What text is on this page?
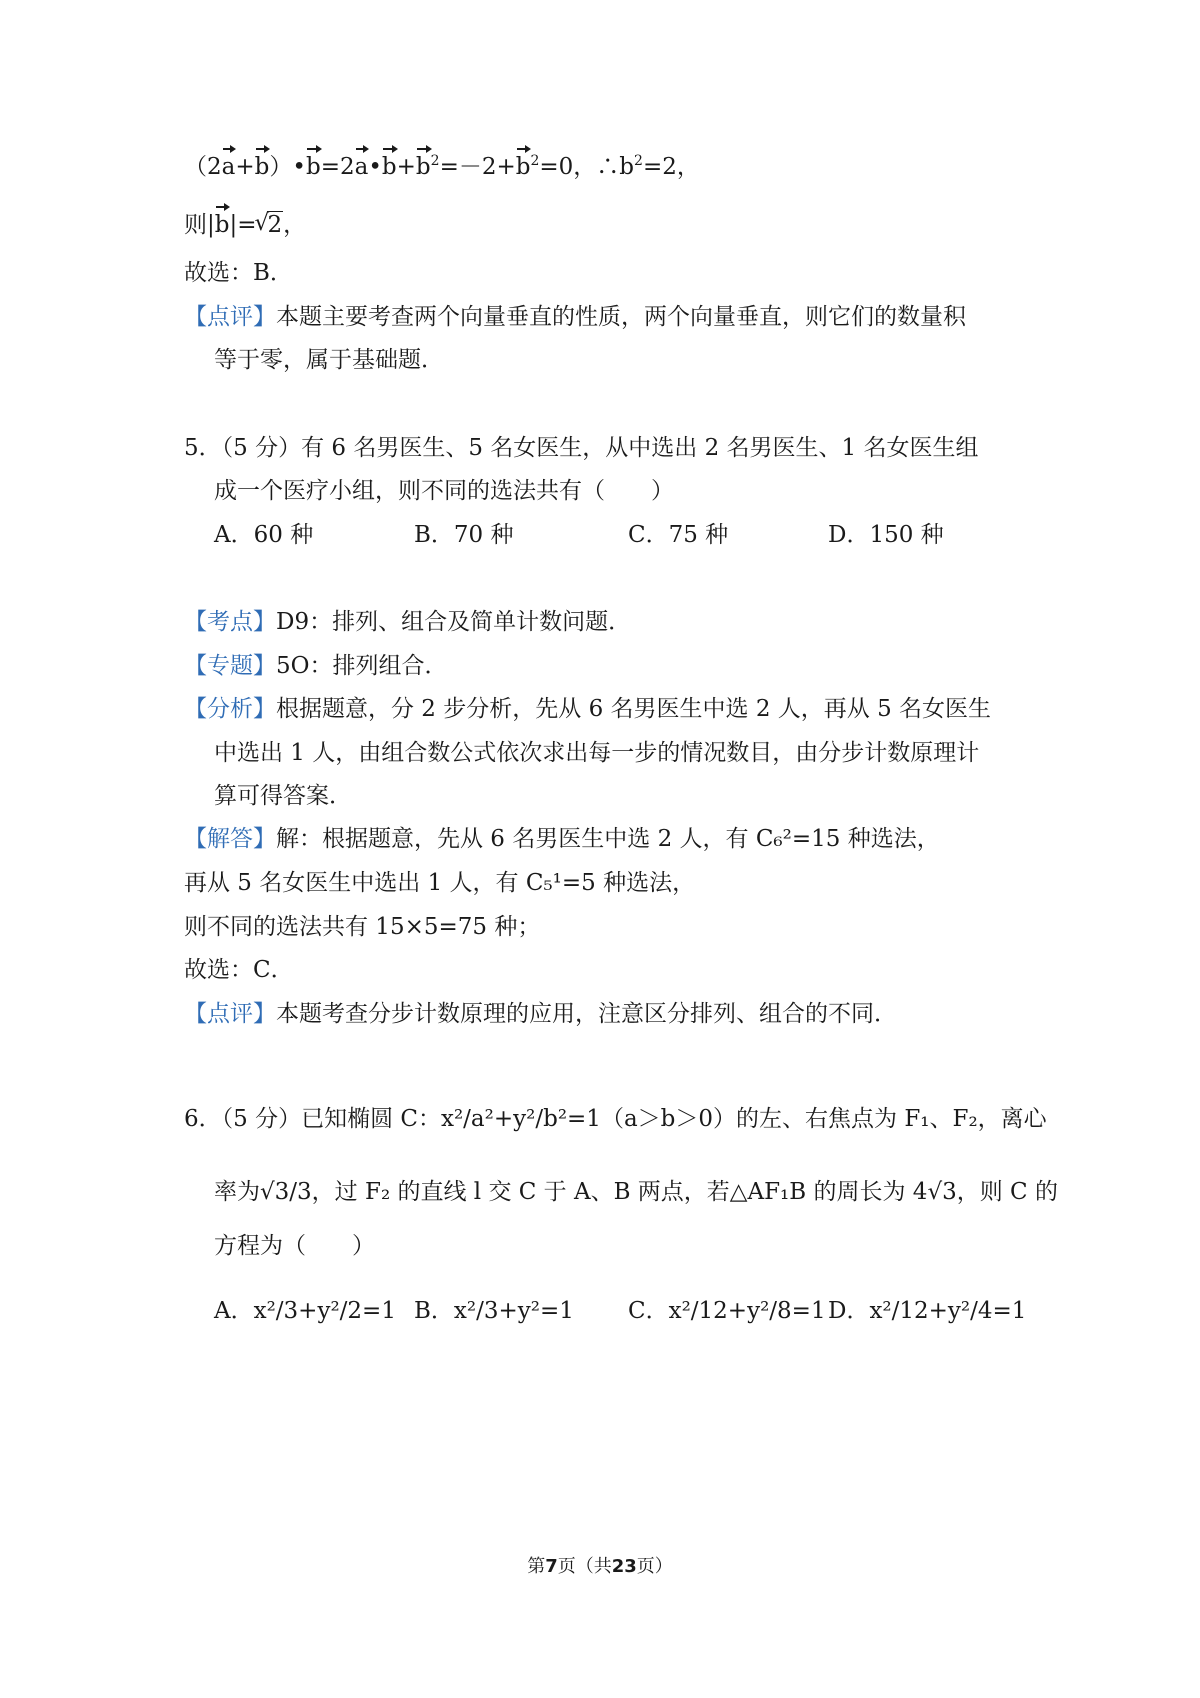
$(2a+b)•b=2a•b+b^2=-2+b^2=0$，$\therefore b^2=2$，
则|b|=√ 2，
故选：B．
【点评】本题主要考查两个向量垂直的性质，两个向量垂直，则它们的数量积
等于零，属于基础题．
5．（5 分）有 6 名男医生、5 名女医生，从中选出 2 名男医生、1 名女医生组
成一个医疗小组，则不同的选法共有（　　）
A．60 种	B．70 种	C．75 种	D．150 种
【考点】D9：排列、组合及简单计数问题．
【专题】5O：排列组合．
【分析】根据题意，分 2 步分析，先从 6 名男医生中选 2 人，再从 5 名女医生
中选出 1 人，由组合数公式依次求出每一步的情况数目，由分步计数原理计
算可得答案．
【解答】解：根据题意，先从 6 名男医生中选 2 人，有 C₆²=15 种选法，
再从 5 名女医生中选出 1 人，有 C₅¹=5 种选法，
则不同的选法共有 15×5=75 种；
故选：C．
【点评】本题考查分步计数原理的应用，注意区分排列、组合的不同．
6．（5 分）已知椭圆 C：x²/a²+y²/b²=1（a＞b＞0）的左、右焦点为 F₁、F₂，离心
率为√3/3，过 F₂ 的直线 l 交 C 于 A、B 两点，若△AF₁B 的周长为 4√3，则 C 的
方程为（　　）
A．x²/3+y²/2=1 B．x²/3+y²=1 C．x²/12+y²/8=1 D．x²/12+y²/4=1
第7页（共23页）
